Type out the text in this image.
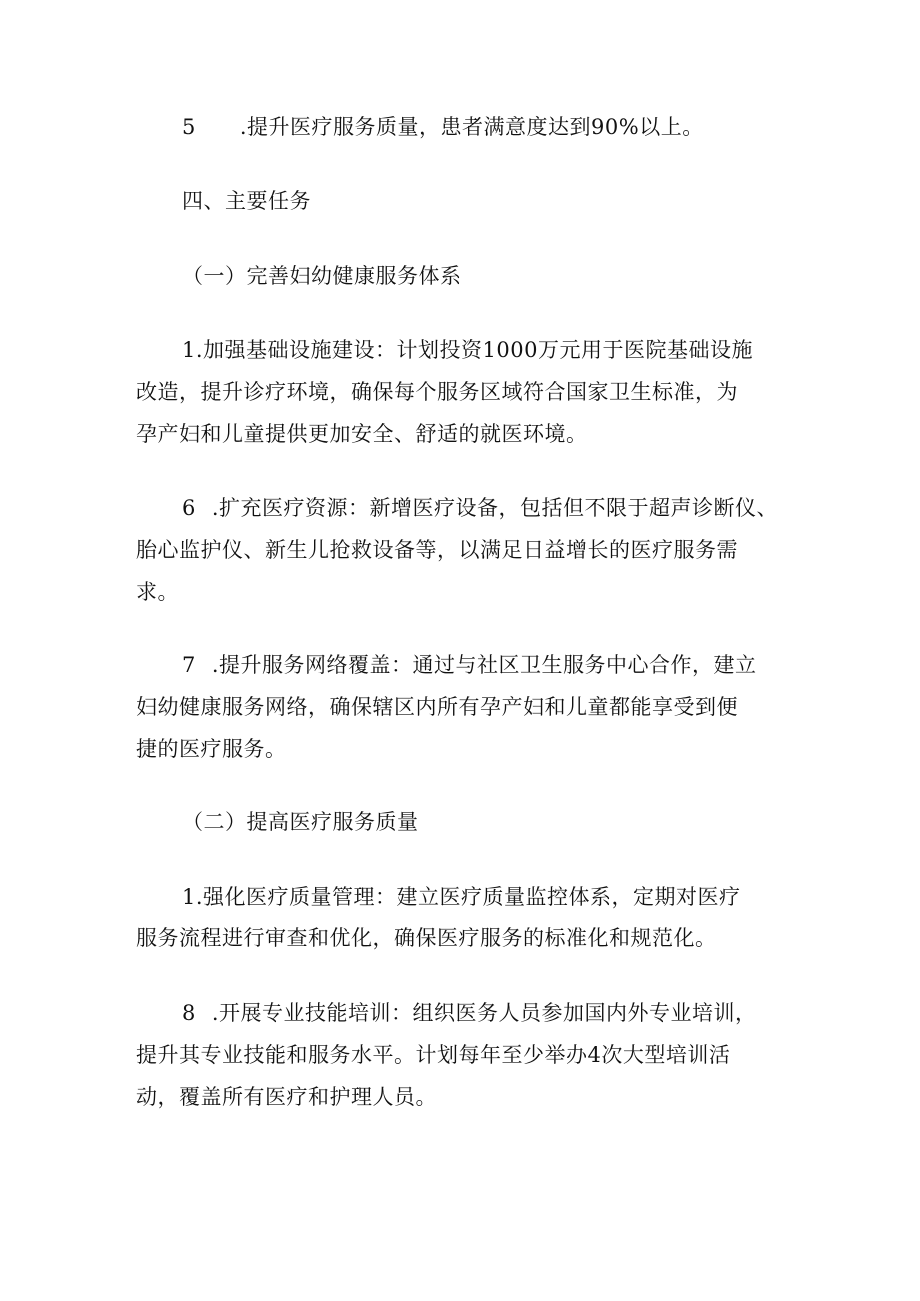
5 .提升医疗服务质量，患者满意度达到90%以上。
四、主要任务
（一）完善妇幼健康服务体系
1.加强基础设施建设：计划投资1000万元用于医院基础设施
改造，提升诊疗环境，确保每个服务区域符合国家卫生标准，为
孕产妇和儿童提供更加安全、舒适的就医环境。
6 .扩充医疗资源：新增医疗设备，包括但不限于超声诊断仪、
胎心监护仪、新生儿抢救设备等，以满足日益增长的医疗服务需
求。
7 .提升服务网络覆盖：通过与社区卫生服务中心合作，建立
妇幼健康服务网络，确保辖区内所有孕产妇和儿童都能享受到便
捷的医疗服务。
（二）提高医疗服务质量
1.强化医疗质量管理：建立医疗质量监控体系，定期对医疗
服务流程进行审查和优化，确保医疗服务的标准化和规范化。
8 .开展专业技能培训：组织医务人员参加国内外专业培训，
提升其专业技能和服务水平。计划每年至少举办4次大型培训活
动，覆盖所有医疗和护理人员。
